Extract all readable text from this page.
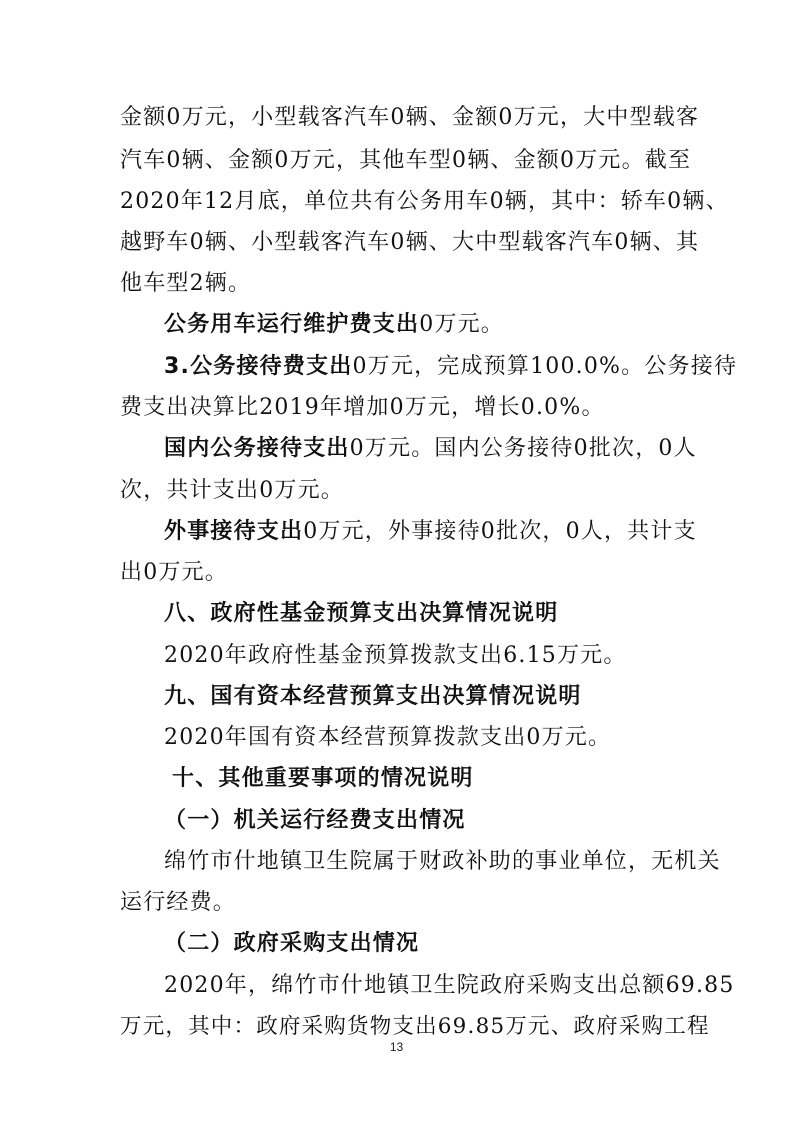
金额0万元，小型载客汽车0辆、金额0万元，大中型载客
汽车0辆、金额0万元，其他车型0辆、金额0万元。截至
2020年12月底，单位共有公务用车0辆，其中：轿车0辆、
越野车0辆、小型载客汽车0辆、大中型载客汽车0辆、其
他车型2辆。
公务用车运行维护费支出0万元。
3.公务接待费支出0万元，完成预算100.0%。公务接待
费支出决算比2019年增加0万元，增长0.0%。
国内公务接待支出0万元。国内公务接待0批次，0人
次，共计支出0万元。
外事接待支出0万元，外事接待0批次，0人，共计支
出0万元。
八、政府性基金预算支出决算情况说明
2020年政府性基金预算拨款支出6.15万元。
九、国有资本经营预算支出决算情况说明
2020年国有资本经营预算拨款支出0万元。
十、其他重要事项的情况说明
（一）机关运行经费支出情况
绵竹市什地镇卫生院属于财政补助的事业单位，无机关
运行经费。
（二）政府采购支出情况
2020年，绵竹市什地镇卫生院政府采购支出总额69.85
万元，其中：政府采购货物支出69.85万元、政府采购工程
13
